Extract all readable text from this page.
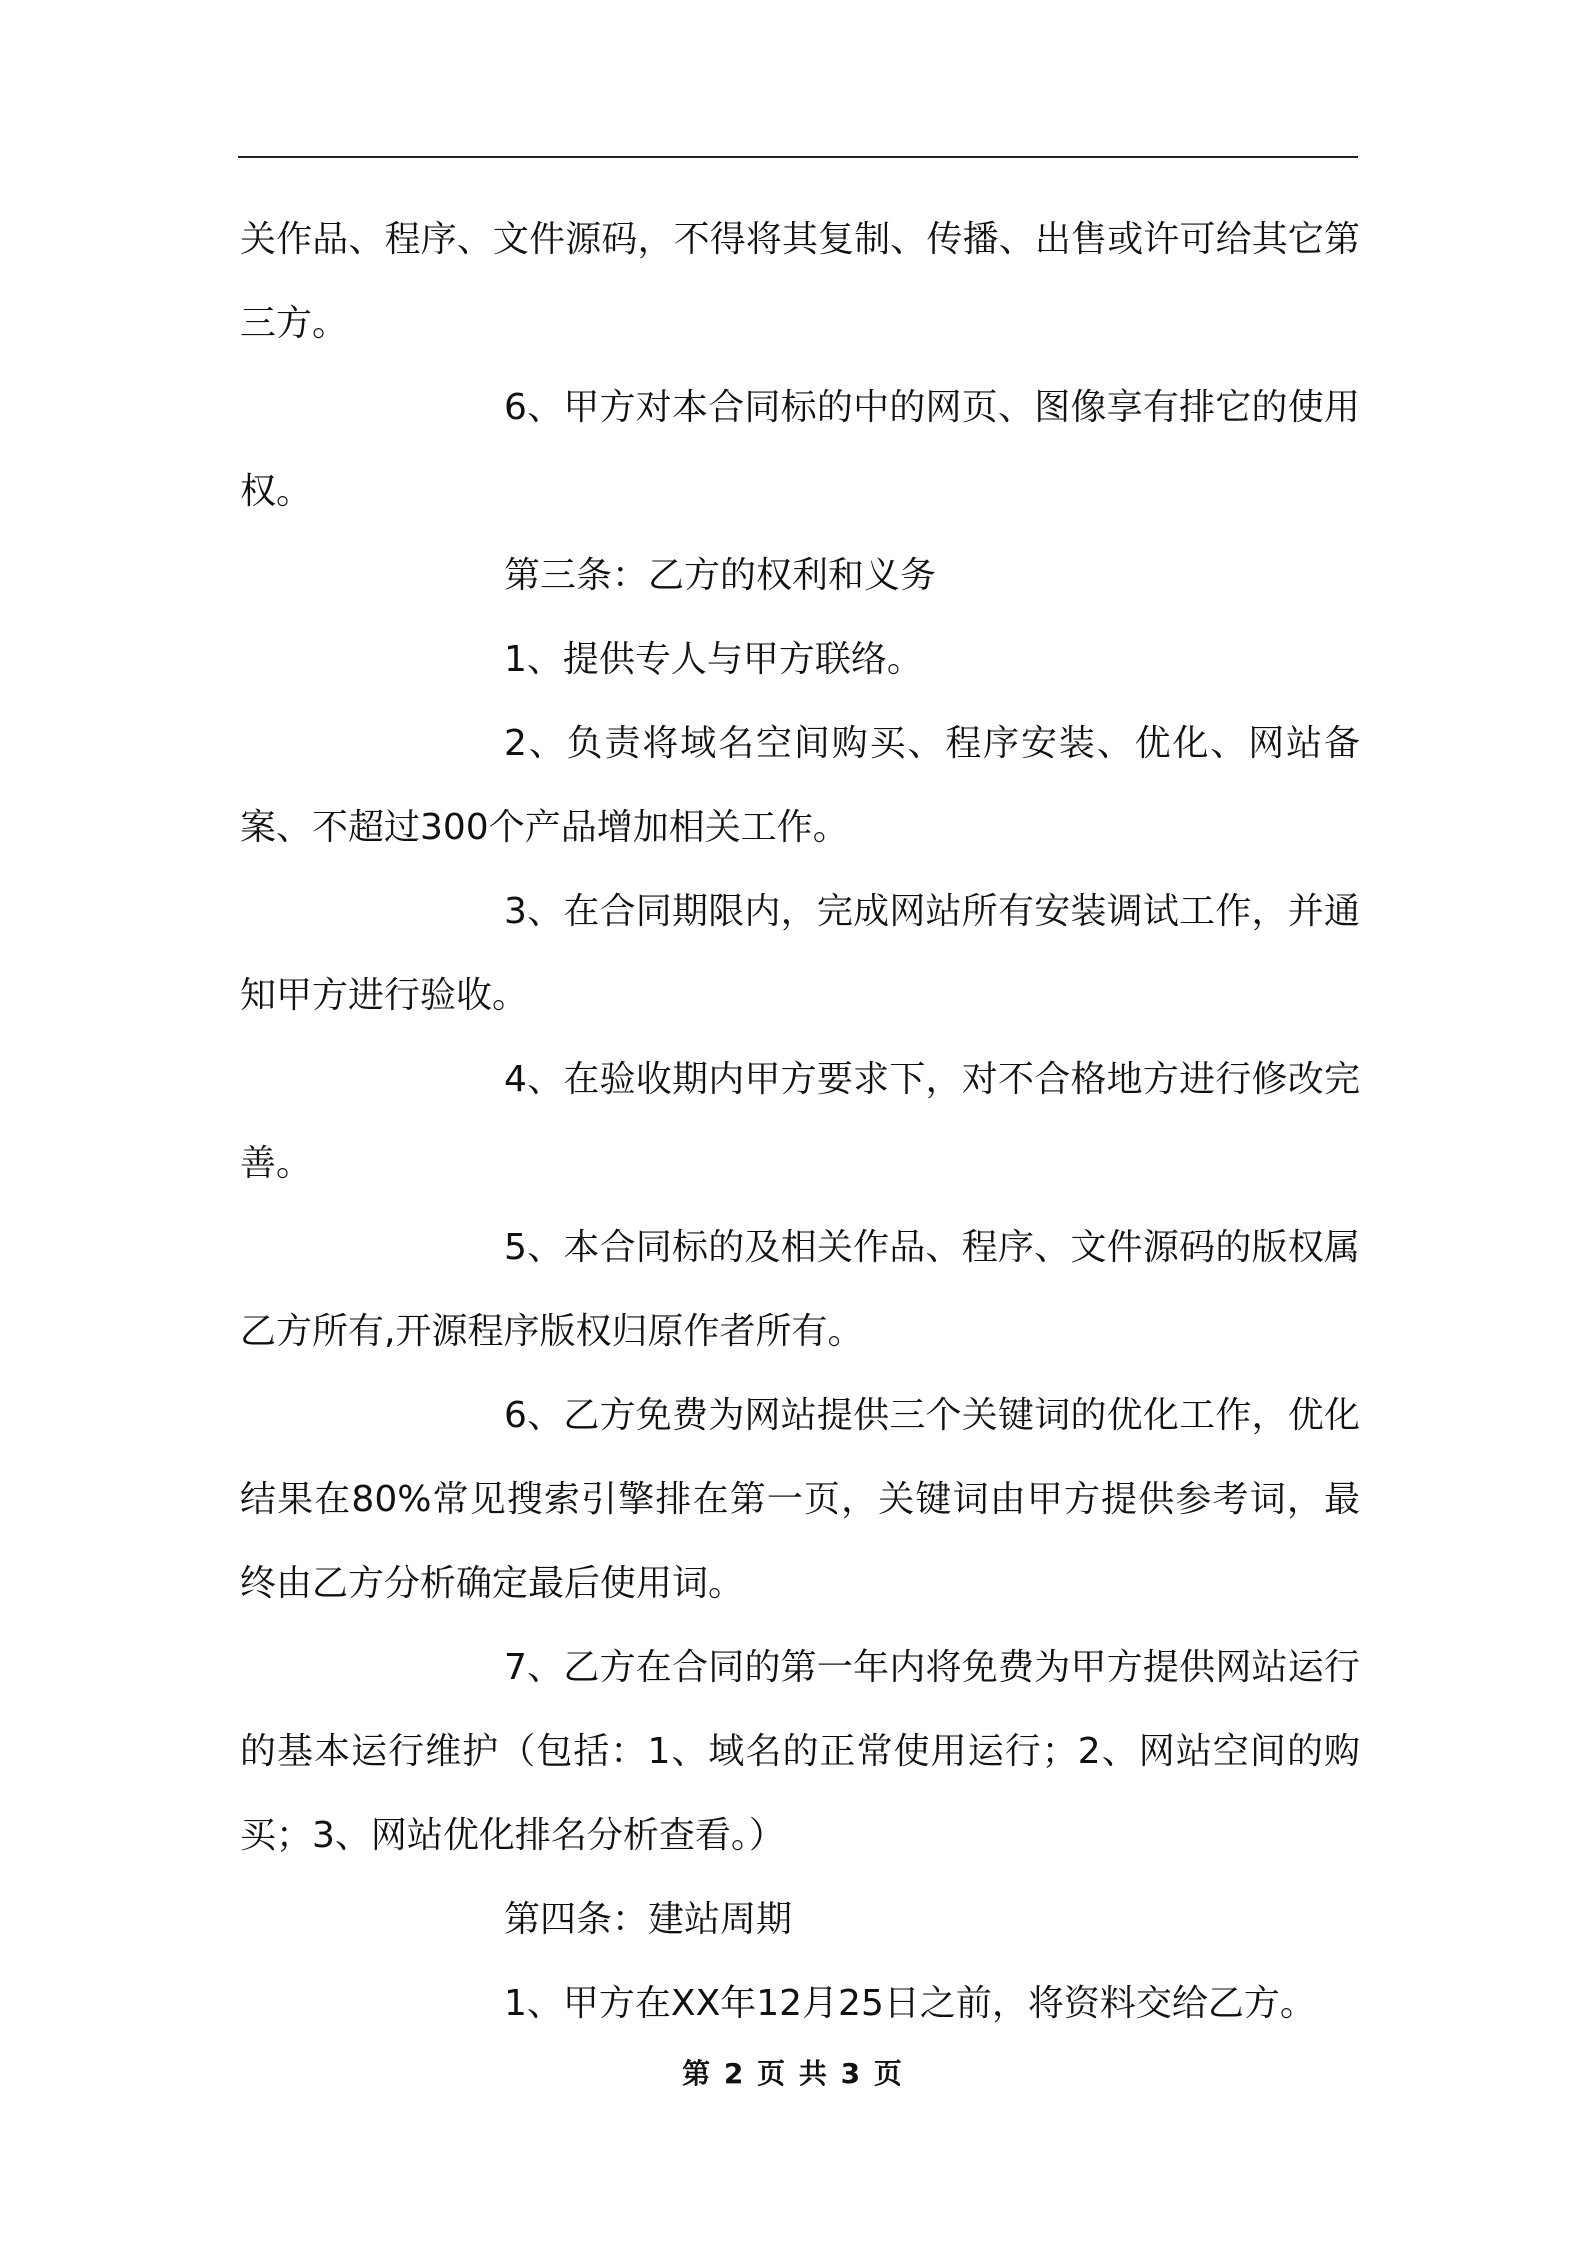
关作品、程序、文件源码，不得将其复制、传播、出售或许可给其它第三方。

6、甲方对本合同标的中的网页、图像享有排它的使用权。

第三条：乙方的权利和义务

1、提供专人与甲方联络。

2、负责将域名空间购买、程序安装、优化、网站备案、不超过300个产品增加相关工作。

3、在合同期限内，完成网站所有安装调试工作，并通知甲方进行验收。

4、在验收期内甲方要求下，对不合格地方进行修改完善。

5、本合同标的及相关作品、程序、文件源码的版权属乙方所有,开源程序版权归原作者所有。

6、乙方免费为网站提供三个关键词的优化工作，优化结果在80%常见搜索引擎排在第一页，关键词由甲方提供参考词，最终由乙方分析确定最后使用词。

7、乙方在合同的第一年内将免费为甲方提供网站运行的基本运行维护（包括：1、域名的正常使用运行；2、网站空间的购买；3、网站优化排名分析查看。）

第四条：建站周期

1、甲方在XX年12月25日之前，将资料交给乙方。

第 2 页 共 3 页
